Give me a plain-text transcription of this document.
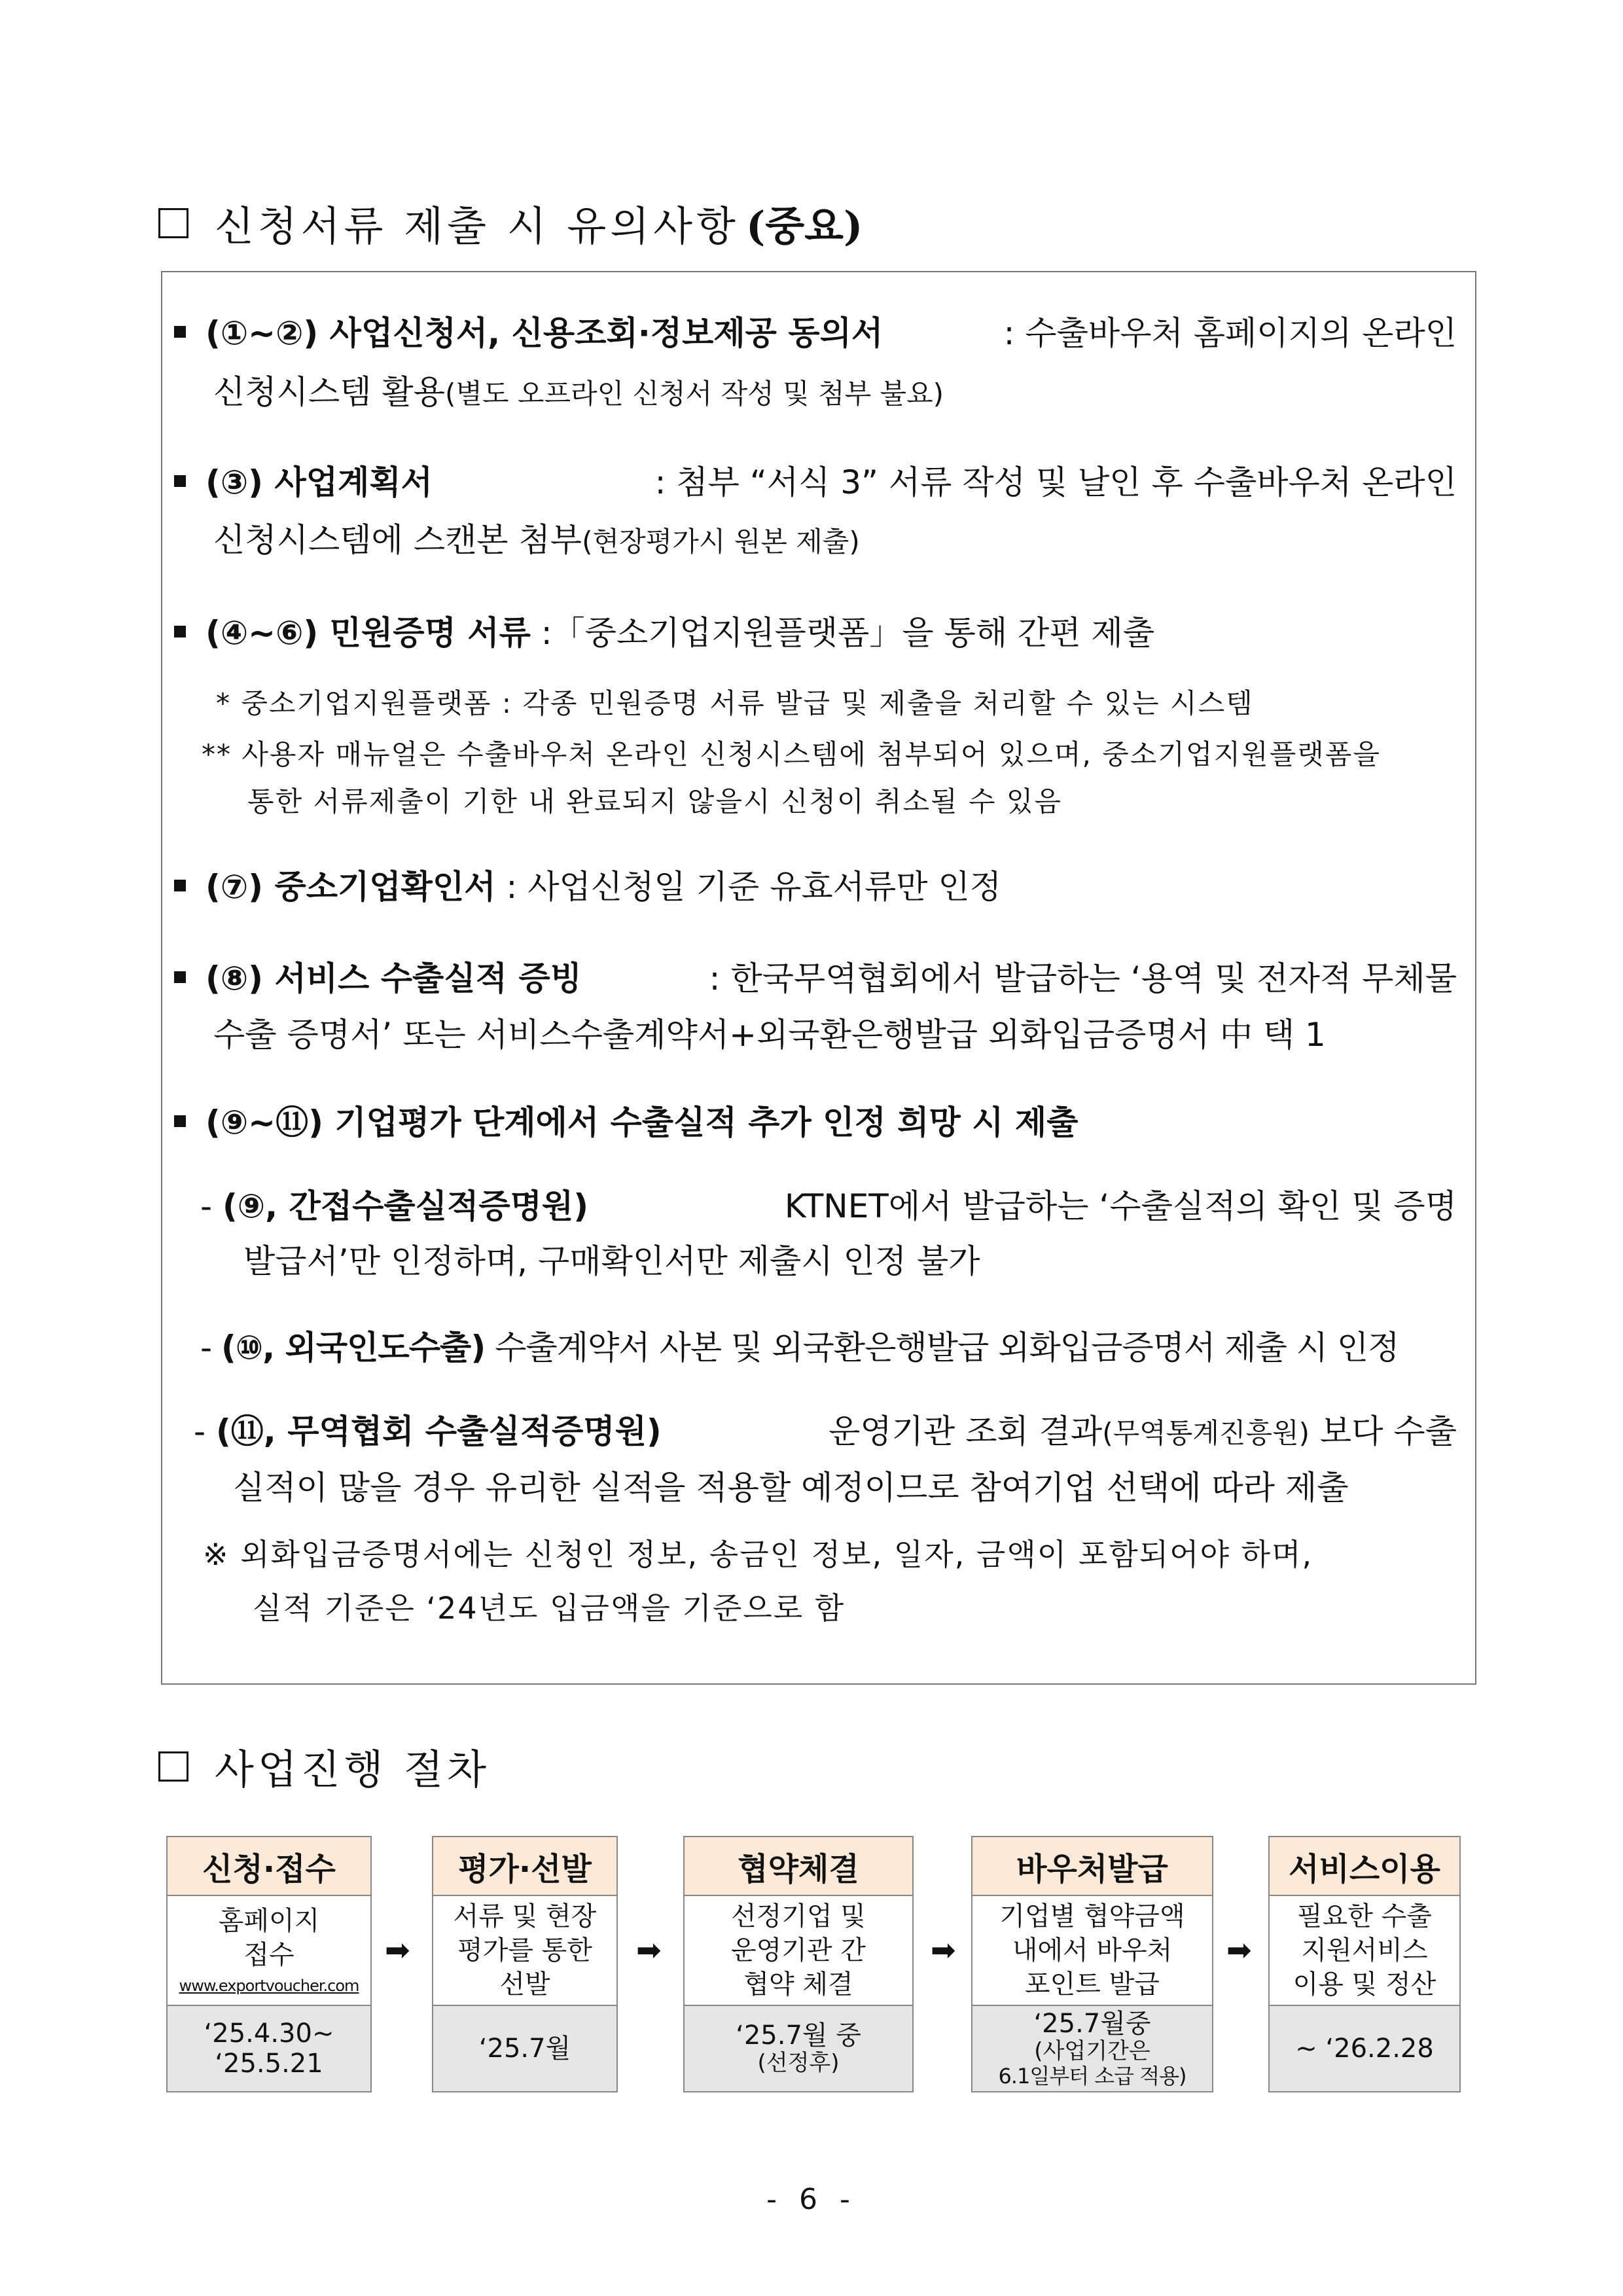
신청서류 제출 시 유의사항 (중요)
(①~②) 사업신청서, 신용조회·정보제공 동의서	: 수출바우처 홈페이지의 온라인
신청시스템 활용(별도 오프라인 신청서 작성 및 첨부 불요)
(③) 사업계획서	: 첨부 “서식 3” 서류 작성 및 날인 후 수출바우처 온라인
신청시스템에 스캔본 첨부(현장평가시 원본 제출)
(④~⑥) 민원증명 서류 :「중소기업지원플랫폼」을 통해 간편 제출
* 중소기업지원플랫폼 : 각종 민원증명 서류 발급 및 제출을 처리할 수 있는 시스템
** 사용자 매뉴얼은 수출바우처 온라인 신청시스템에 첨부되어 있으며, 중소기업지원플랫폼을
통한 서류제출이 기한 내 완료되지 않을시 신청이 취소될 수 있음
(⑦) 중소기업확인서 : 사업신청일 기준 유효서류만 인정
(⑧) 서비스 수출실적 증빙	: 한국무역협회에서 발급하는 ‘용역 및 전자적 무체물
수출 증명서’ 또는 서비스수출계약서+외국환은행발급 외화입금증명서 中 택 1
(⑨~⑪) 기업평가 단계에서 수출실적 추가 인정 희망 시 제출
- (⑨, 간접수출실적증명원)	KTNET에서 발급하는 ‘수출실적의 확인 및 증명
발급서’만 인정하며, 구매확인서만 제출시 인정 불가
- (⑩, 외국인도수출) 수출계약서 사본 및 외국환은행발급 외화입금증명서 제출 시 인정
- (⑪, 무역협회 수출실적증명원)	운영기관 조회 결과(무역통계진흥원) 보다 수출
실적이 많을 경우 유리한 실적을 적용할 예정이므로 참여기업 선택에 따라 제출
※ 외화입금증명서에는 신청인 정보, 송금인 정보, 일자, 금액이 포함되어야 하며,
실적 기준은 ‘24년도 입금액을 기준으로 함
사업진행 절차
신청·접수
홈페이지
접수
www.exportvoucher.com
‘25.4.30~
‘25.5.21
➡
평가·선발
서류 및 현장
평가를 통한
선발
‘25.7월
➡
협약체결
선정기업 및
운영기관 간
협약 체결
‘25.7월 중
(선정후)
➡
바우처발급
기업별 협약금액
내에서 바우처
포인트 발급
‘25.7월중
(사업기간은
6.1일부터 소급 적용)
➡
서비스이용
필요한 수출
지원서비스
이용 및 정산
~ ‘26.2.28
- 6 -
